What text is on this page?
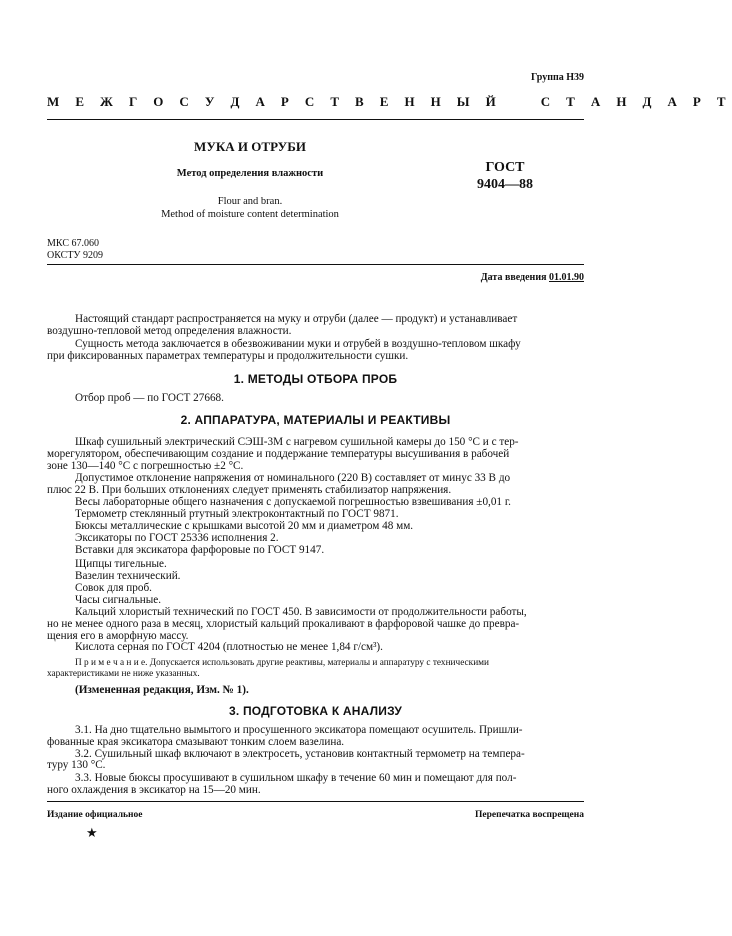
Группа Н39
М Е Ж Г О С У Д А Р С Т В Е Н Н Ы Й    С Т А Н Д А Р Т
МУКА И ОТРУБИ
Метод определения влажности
Flour and bran.
Method of moisture content determination
ГОСТ
9404—88
МКС 67.060
ОКСТУ 9209
Дата введения 01.01.90
Настоящий стандарт распространяется на муку и отруби (далее — продукт) и устанавливает
воздушно-тепловой метод определения влажности.
Сущность метода заключается в обезвоживании муки и отрубей в воздушно-тепловом шкафу
при фиксированных параметрах температуры и продолжительности сушки.
1. МЕТОДЫ ОТБОРА ПРОБ
Отбор проб — по ГОСТ 27668.
2. АППАРАТУРА, МАТЕРИАЛЫ И РЕАКТИВЫ
Шкаф сушильный электрический СЭШ-3М с нагревом сушильной камеры до 150 °С и с тер-
морегулятором, обеспечивающим создание и поддержание температуры высушивания в рабочей
зоне 130—140 °С с погрешностью ±2 °С.
Допустимое отклонение напряжения от номинального (220 В) составляет от минус 33 В до
плюс 22 В. При больших отклонениях следует применять стабилизатор напряжения.
Весы лабораторные общего назначения с допускаемой погрешностью взвешивания ±0,01 г.
Термометр стеклянный ртутный электроконтактный по ГОСТ 9871.
Бюксы металлические с крышками высотой 20 мм и диаметром 48 мм.
Эксикаторы по ГОСТ 25336 исполнения 2.
Вставки для эксикатора фарфоровые по ГОСТ 9147.
Щипцы тигельные.
Вазелин технический.
Совок для проб.
Часы сигнальные.
Кальций хлористый технический по ГОСТ 450. В зависимости от продолжительности работы,
но не менее одного раза в месяц, хлористый кальций прокаливают в фарфоровой чашке до превра-
щения его в аморфную массу.
Кислота серная по ГОСТ 4204 (плотностью не менее 1,84 г/см³).
П р и м е ч а н и е. Допускается использовать другие реактивы, материалы и аппаратуру с техническими
характеристиками не ниже указанных.
(Измененная редакция, Изм. № 1).
3. ПОДГОТОВКА К АНАЛИЗУ
3.1. На дно тщательно вымытого и просушенного эксикатора помещают осушитель. Пришли-
фованные края эксикатора смазывают тонким слоем вазелина.
3.2. Сушильный шкаф включают в электросеть, установив контактный термометр на темпера-
туру 130 °С.
3.3. Новые бюксы просушивают в сушильном шкафу в течение 60 мин и помещают для пол-
ного охлаждения в эксикатор на 15—20 мин.
Издание официальное	Перепечатка воспрещена
★
